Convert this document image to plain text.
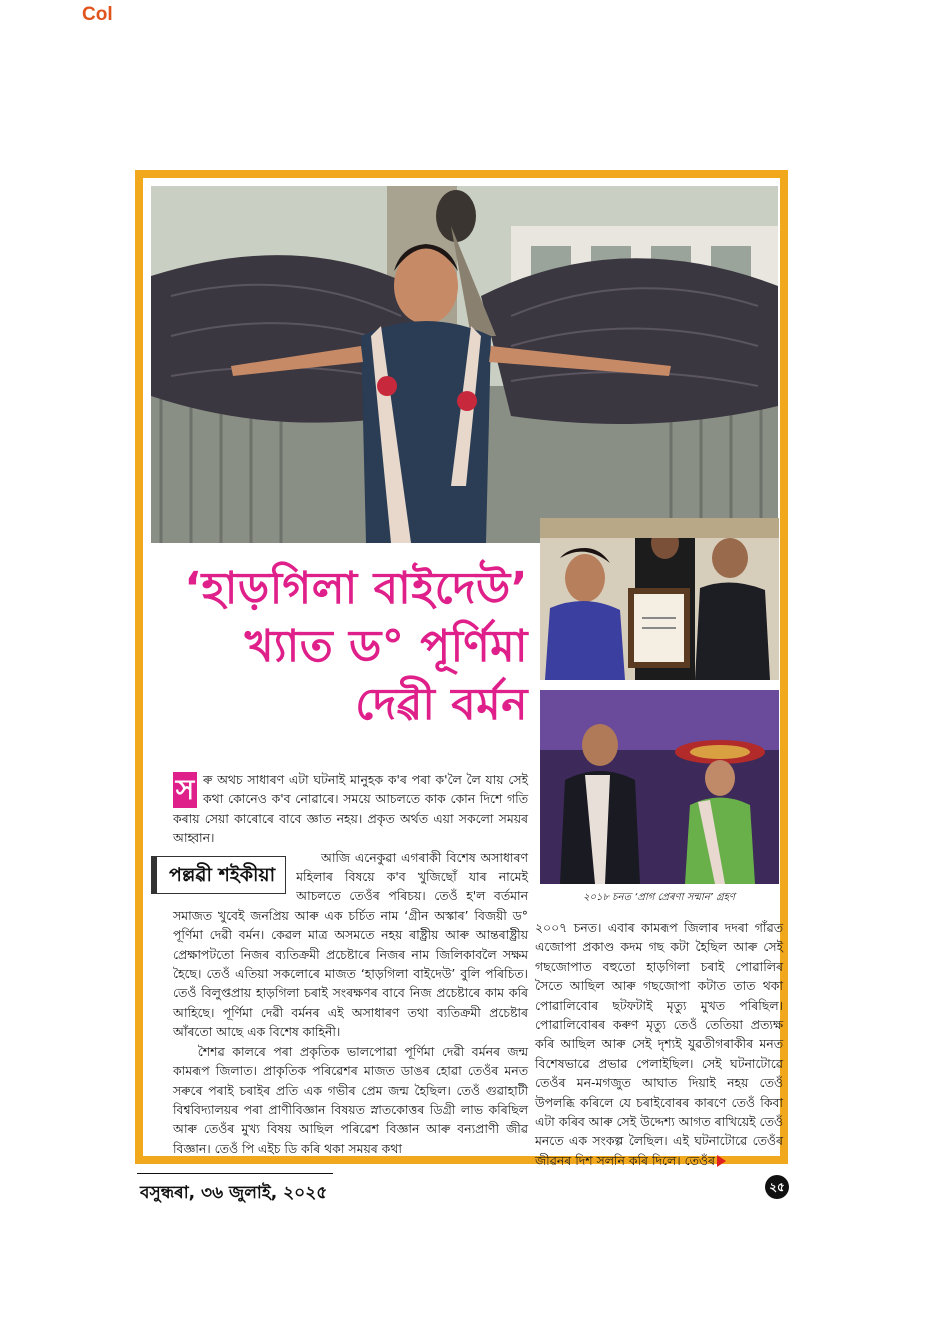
Col
২০১৮ চনত ‘প্ৰাগ প্ৰেৰণা সন্মান’ গ্ৰহণ
‘হাড়গিলা বাইদেউ’
খ্যাত ড° পূৰ্ণিমা
দেৱী বৰ্মন
স ৰু অথচ সাধাৰণ এটা ঘটনাই মানুহক ক'ৰ পৰা ক'লৈ লৈ যায় সেই কথা কোনেও ক'ব নোৱাৰে। সময়ে আচলতে কাক কোন দিশে গতি কৰায় সেয়া কাৰোৰে বাবে জ্ঞাত নহয়। প্ৰকৃত অৰ্থত এয়া সকলো সময়ৰ আহ্বান।

পল্লৱী শইকীয়া

আজি এনেকুৱা এগৰাকী বিশেষ অসাধাৰণ মহিলাৰ বিষয়ে ক'ব খুজিছোঁ যাৰ নামেই আচলতে তেওঁৰ পৰিচয়। তেওঁ হ'ল বৰ্তমান সমাজত খুবেই জনপ্ৰিয় আৰু এক চৰ্চিত নাম ‘গ্ৰীন অস্কাৰ’ বিজয়ী ড° পূৰ্ণিমা দেৱী বৰ্মন। কেৱল মাত্ৰ অসমতে নহয় ৰাষ্ট্ৰীয় আৰু আন্তৰাষ্ট্ৰীয় প্ৰেক্ষাপটতো নিজৰ ব্যতিক্ৰমী প্ৰচেষ্টাৰে নিজৰ নাম জিলিকাবলৈ সক্ষম হৈছে। তেওঁ এতিয়া সকলোৰে মাজত ‘হাড়গিলা বাইদেউ’ বুলি পৰিচিত। তেওঁ বিলুপ্তপ্ৰায় হাড়গিলা চৰাই সংৰক্ষণৰ বাবে নিজ প্ৰচেষ্টাৰে কাম কৰি আহিছে। পূৰ্ণিমা দেৱী বৰ্মনৰ এই অসাধাৰণ তথা ব্যতিক্ৰমী প্ৰচেষ্টাৰ আঁৰতো আছে এক বিশেষ কাহিনী।

শৈশৱ কালৰে পৰা প্ৰকৃতিক ভালপোৱা পূৰ্ণিমা দেৱী বৰ্মনৰ জন্ম কামৰূপ জিলাত। প্ৰাকৃতিক পৰিৱেশৰ মাজত ডাঙৰ হোৱা তেওঁৰ মনত সৰুৰে পৰাই চৰাইৰ প্ৰতি এক গভীৰ প্ৰেম জন্ম হৈছিল। তেওঁ গুৱাহাটী বিশ্ববিদ্যালয়ৰ পৰা প্ৰাণীবিজ্ঞান বিষয়ত স্নাতকোত্তৰ ডিগ্ৰী লাভ কৰিছিল আৰু তেওঁৰ মুখ্য বিষয় আছিল পৰিৱেশ বিজ্ঞান আৰু বন্যপ্ৰাণী জীৱ বিজ্ঞান। তেওঁ পি এইচ ডি কৰি থকা সময়ৰ কথা

২০০৭ চনত। এবাৰ কামৰূপ জিলাৰ দদৰা গাঁৱত এজোপা প্ৰকাণ্ড কদম গছ কটা হৈছিল আৰু সেই গছজোপাত বহুতো হাড়গিলা চৰাই পোৱালিৰ সৈতে আছিল আৰু গছজোপা কটাত তাত থকা পোৱালিবোৰ ছটফটাই মৃত্যু মুখত পৰিছিল। পোৱালিবোৰৰ কৰুণ মৃত্যু তেওঁ তেতিয়া প্ৰত্যক্ষ কৰি আছিল আৰু সেই দৃশ্যই যুৱতীগৰাকীৰ মনত বিশেষভাৱে প্ৰভাৱ পেলাইছিল। সেই ঘটনাটোৱে তেওঁৰ মন-মগজুত আঘাত দিয়াই নহয় তেওঁ উপলব্ধি কৰিলে যে চৰাইবোৰৰ কাৰণে তেওঁ কিবা এটা কৰিব আৰু সেই উদ্দেশ্য আগত ৰাখিয়েই তেওঁ মনতে এক সংকল্প লৈছিল। এই ঘটনাটোৱে তেওঁৰ জীৱনৰ দিশ সলনি কৰি দিলে। তেওঁৰ

বসুন্ধৰা, ৩৬ জুলাই, ২০২৫	২৫
